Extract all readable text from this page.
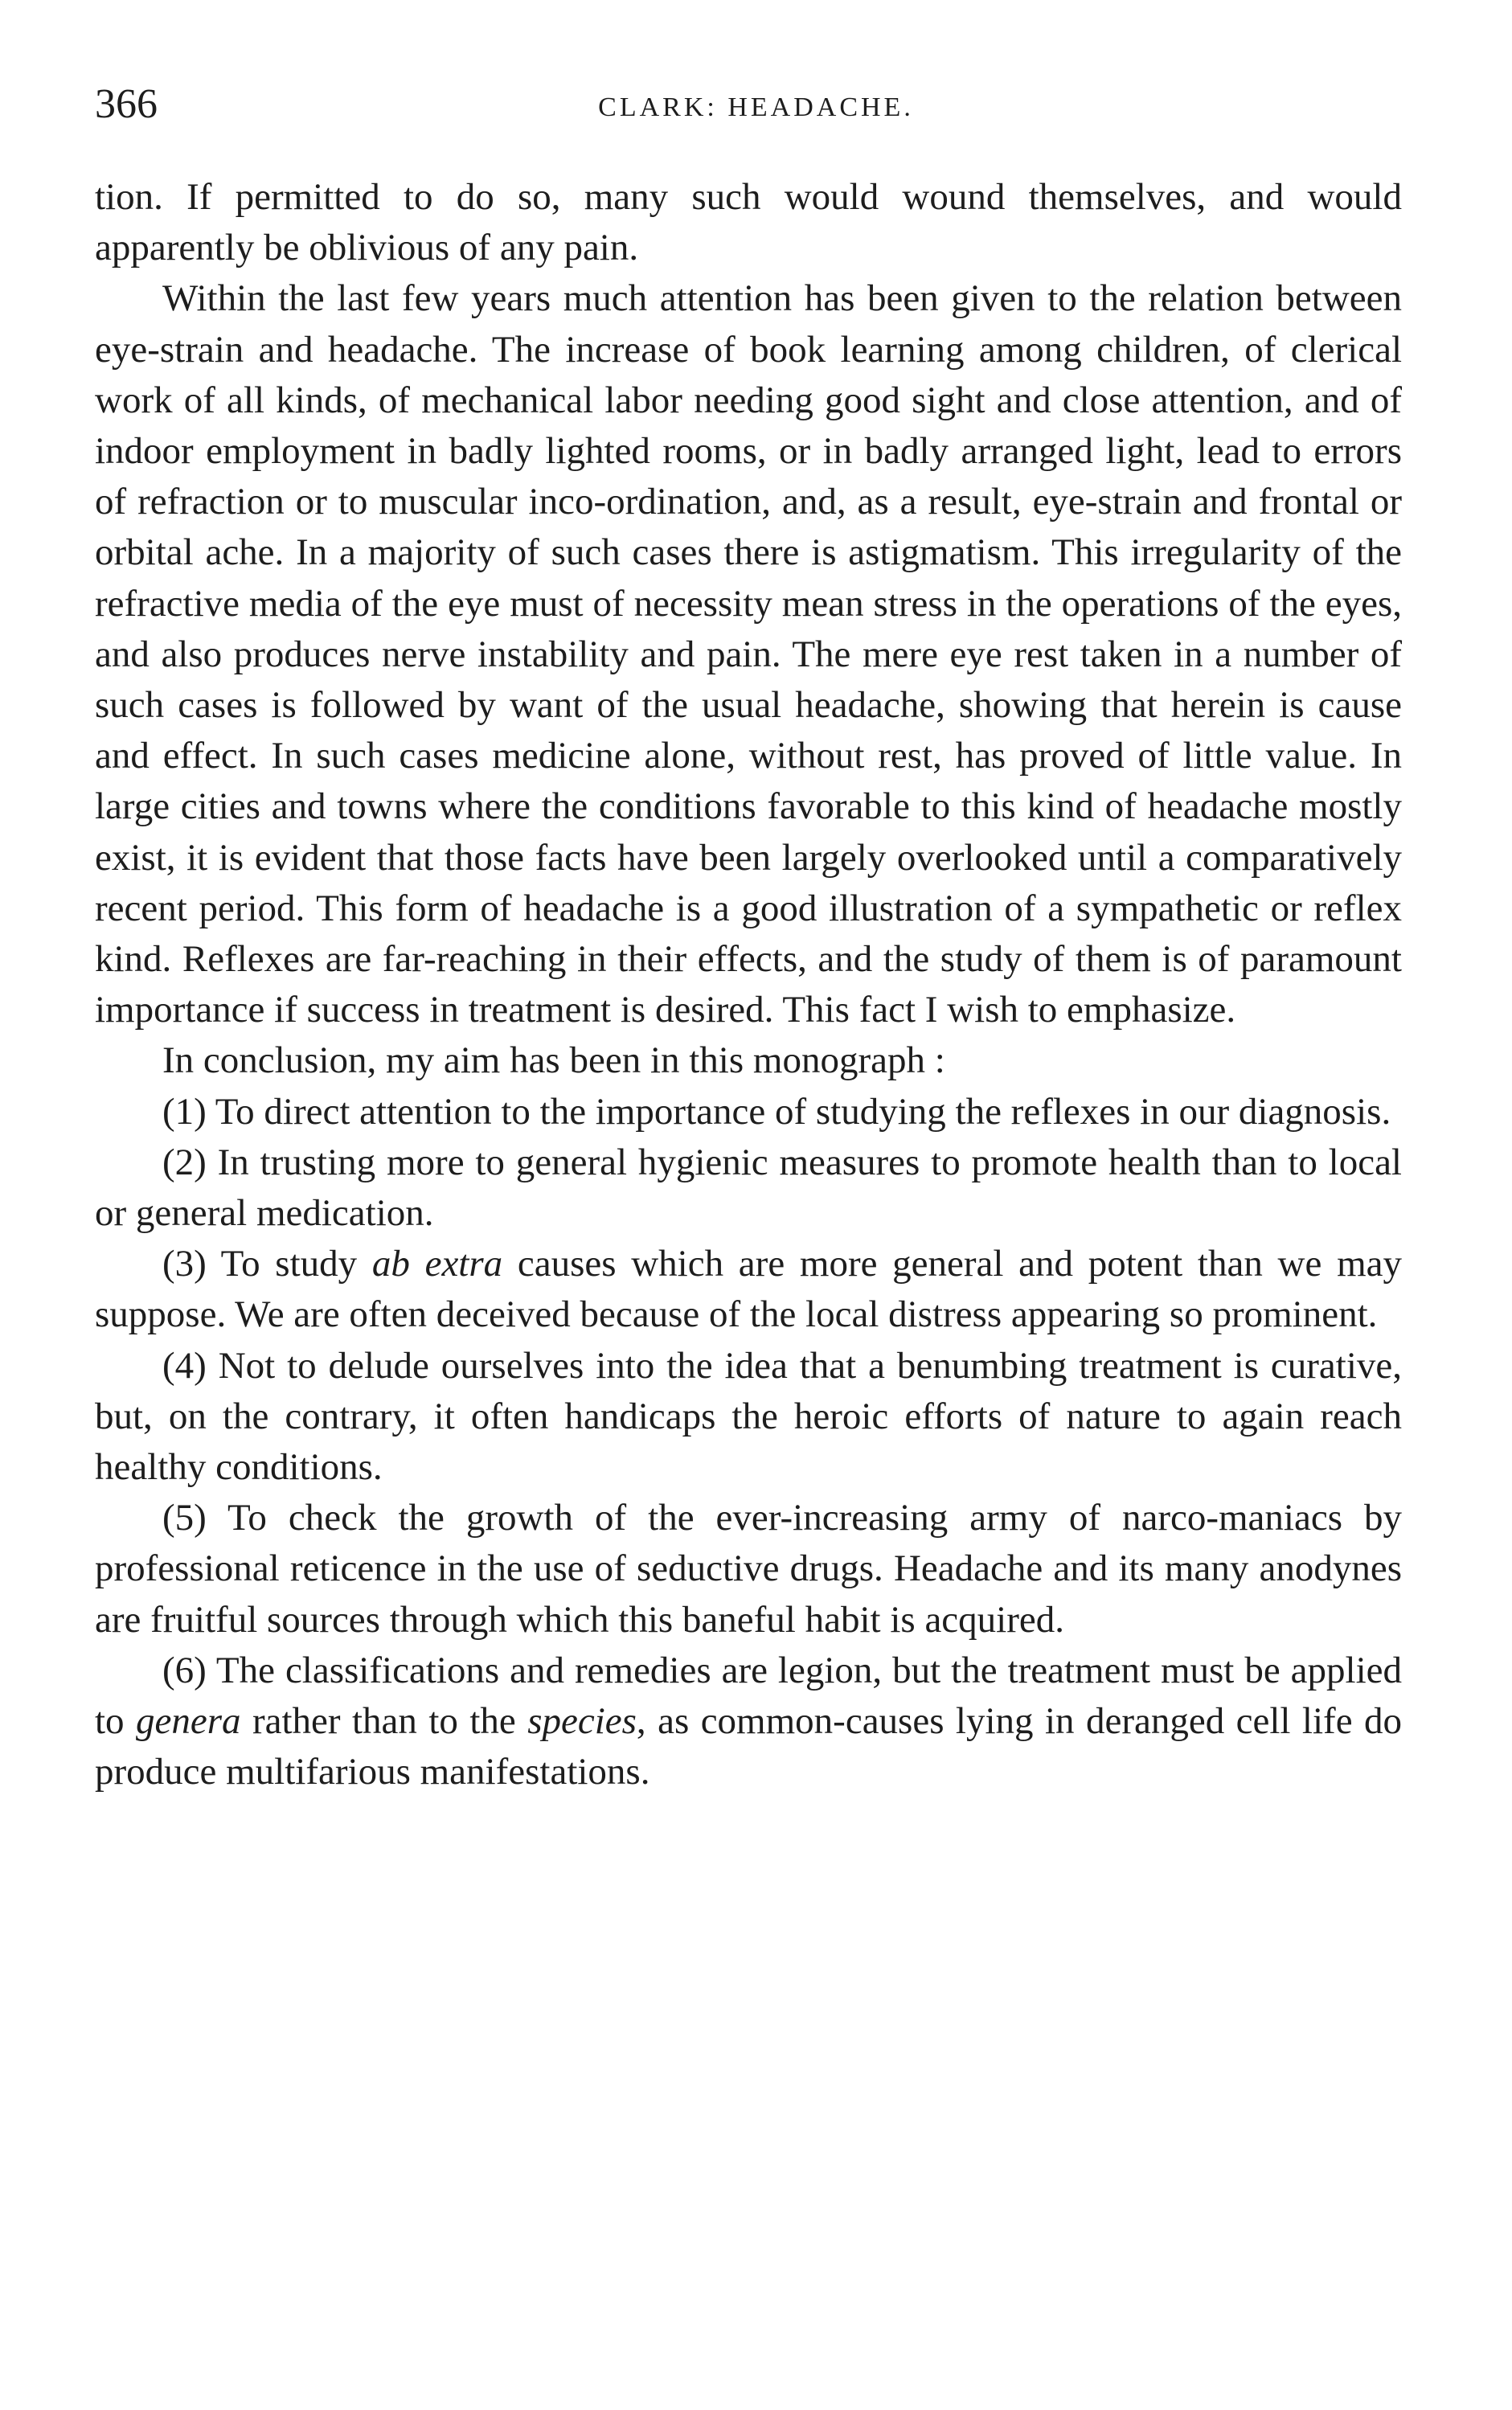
366	CLARK: HEADACHE.

tion. If permitted to do so, many such would wound themselves, and would apparently be oblivious of any pain.

Within the last few years much attention has been given to the relation between eye-strain and headache. The increase of book learning among children, of clerical work of all kinds, of mechanical labor needing good sight and close attention, and of indoor employment in badly lighted rooms, or in badly arranged light, lead to errors of refraction or to muscular inco-ordination, and, as a result, eye-strain and frontal or orbital ache. In a majority of such cases there is astigmatism. This irregularity of the refractive media of the eye must of necessity mean stress in the operations of the eyes, and also produces nerve instability and pain. The mere eye rest taken in a number of such cases is followed by want of the usual headache, showing that herein is cause and effect. In such cases medicine alone, without rest, has proved of little value. In large cities and towns where the conditions favorable to this kind of headache mostly exist, it is evident that those facts have been largely overlooked until a comparatively recent period. This form of headache is a good illustration of a sympathetic or reflex kind. Reflexes are far-reaching in their effects, and the study of them is of paramount importance if success in treatment is desired. This fact I wish to emphasize.

In conclusion, my aim has been in this monograph :

(1) To direct attention to the importance of studying the reflexes in our diagnosis.

(2) In trusting more to general hygienic measures to promote health than to local or general medication.

(3) To study ab extra causes which are more general and potent than we may suppose. We are often deceived because of the local distress appearing so prominent.

(4) Not to delude ourselves into the idea that a benumbing treatment is curative, but, on the contrary, it often handicaps the heroic efforts of nature to again reach healthy conditions.

(5) To check the growth of the ever-increasing army of narco-maniacs by professional reticence in the use of seductive drugs. Headache and its many anodynes are fruitful sources through which this baneful habit is acquired.

(6) The classifications and remedies are legion, but the treatment must be applied to genera rather than to the species, as common-causes lying in deranged cell life do produce multifarious manifestations.
